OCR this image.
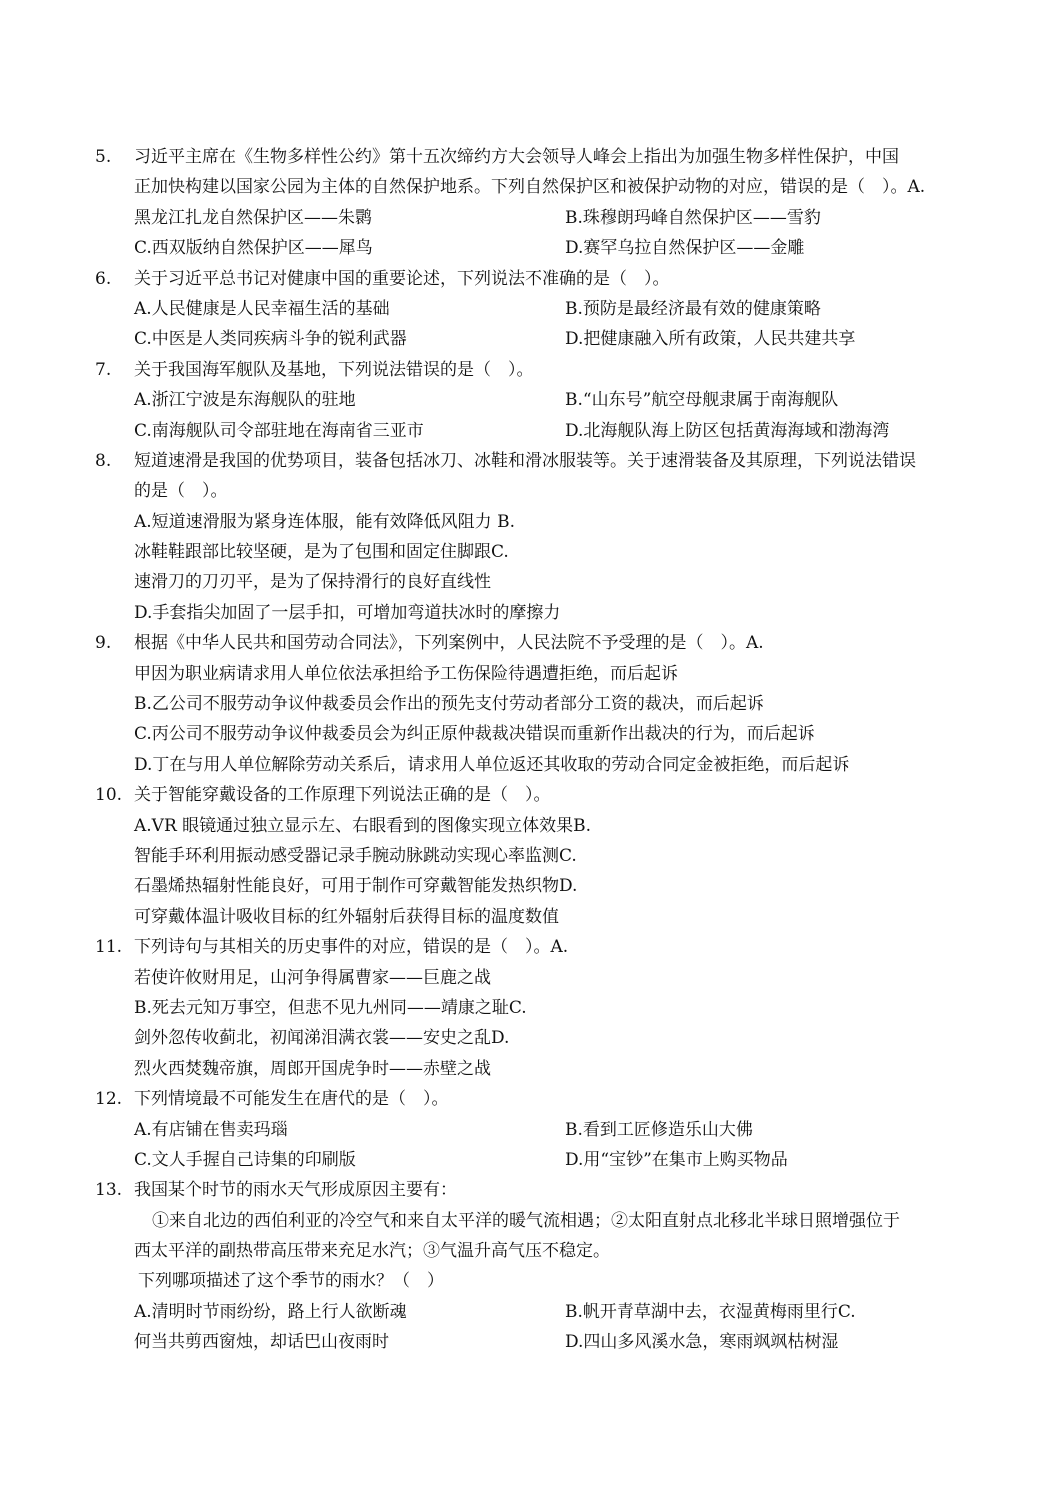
5. 习近平主席在《生物多样性公约》第十五次缔约方大会领导人峰会上指出为加强生物多样性保护，中国
正加快构建以国家公园为主体的自然保护地系。下列自然保护区和被保护动物的对应，错误的是（　）。A.
黑龙江扎龙自然保护区——朱鹮	B.珠穆朗玛峰自然保护区——雪豹
C.西双版纳自然保护区——犀鸟	D.赛罕乌拉自然保护区——金雕
6. 关于习近平总书记对健康中国的重要论述，下列说法不准确的是（　）。
A.人民健康是人民幸福生活的基础	B.预防是最经济最有效的健康策略
C.中医是人类同疾病斗争的锐利武器	D.把健康融入所有政策，人民共建共享
7. 关于我国海军舰队及基地，下列说法错误的是（　）。
A.浙江宁波是东海舰队的驻地	B.“山东号”航空母舰隶属于南海舰队
C.南海舰队司令部驻地在海南省三亚市	D.北海舰队海上防区包括黄海海域和渤海湾
8. 短道速滑是我国的优势项目，装备包括冰刀、冰鞋和滑冰服装等。关于速滑装备及其原理，下列说法错误
的是（　）。
A.短道速滑服为紧身连体服，能有效降低风阻力 B.
冰鞋鞋跟部比较坚硬，是为了包围和固定住脚跟C.
速滑刀的刀刃平，是为了保持滑行的良好直线性
D.手套指尖加固了一层手扣，可增加弯道扶冰时的摩擦力
9. 根据《中华人民共和国劳动合同法》，下列案例中，人民法院不予受理的是（　）。A.
甲因为职业病请求用人单位依法承担给予工伤保险待遇遭拒绝，而后起诉
B.乙公司不服劳动争议仲裁委员会作出的预先支付劳动者部分工资的裁决，而后起诉
C.丙公司不服劳动争议仲裁委员会为纠正原仲裁裁决错误而重新作出裁决的行为，而后起诉
D.丁在与用人单位解除劳动关系后，请求用人单位返还其收取的劳动合同定金被拒绝，而后起诉
10. 关于智能穿戴设备的工作原理下列说法正确的是（　）。
A.VR 眼镜通过独立显示左、右眼看到的图像实现立体效果B.
智能手环利用振动感受器记录手腕动脉跳动实现心率监测C.
石墨烯热辐射性能良好，可用于制作可穿戴智能发热织物D.
可穿戴体温计吸收目标的红外辐射后获得目标的温度数值
11. 下列诗句与其相关的历史事件的对应，错误的是（　）。A.
若使许攸财用足，山河争得属曹家——巨鹿之战
B.死去元知万事空，但悲不见九州同——靖康之耻C.
剑外忽传收蓟北，初闻涕泪满衣裳——安史之乱D.
烈火西焚魏帝旗，周郎开国虎争时——赤壁之战
12. 下列情境最不可能发生在唐代的是（　）。
A.有店铺在售卖玛瑙	B.看到工匠修造乐山大佛
C.文人手握自己诗集的印刷版	D.用“宝钞”在集市上购买物品
13. 我国某个时节的雨水天气形成原因主要有：
①来自北边的西伯利亚的冷空气和来自太平洋的暖气流相遇；②太阳直射点北移北半球日照增强位于
西太平洋的副热带高压带来充足水汽；③气温升高气压不稳定。
下列哪项描述了这个季节的雨水？（　）
A.清明时节雨纷纷，路上行人欲断魂	B.帆开青草湖中去，衣湿黄梅雨里行C.
何当共剪西窗烛，却话巴山夜雨时	D.四山多风溪水急，寒雨飒飒枯树湿
